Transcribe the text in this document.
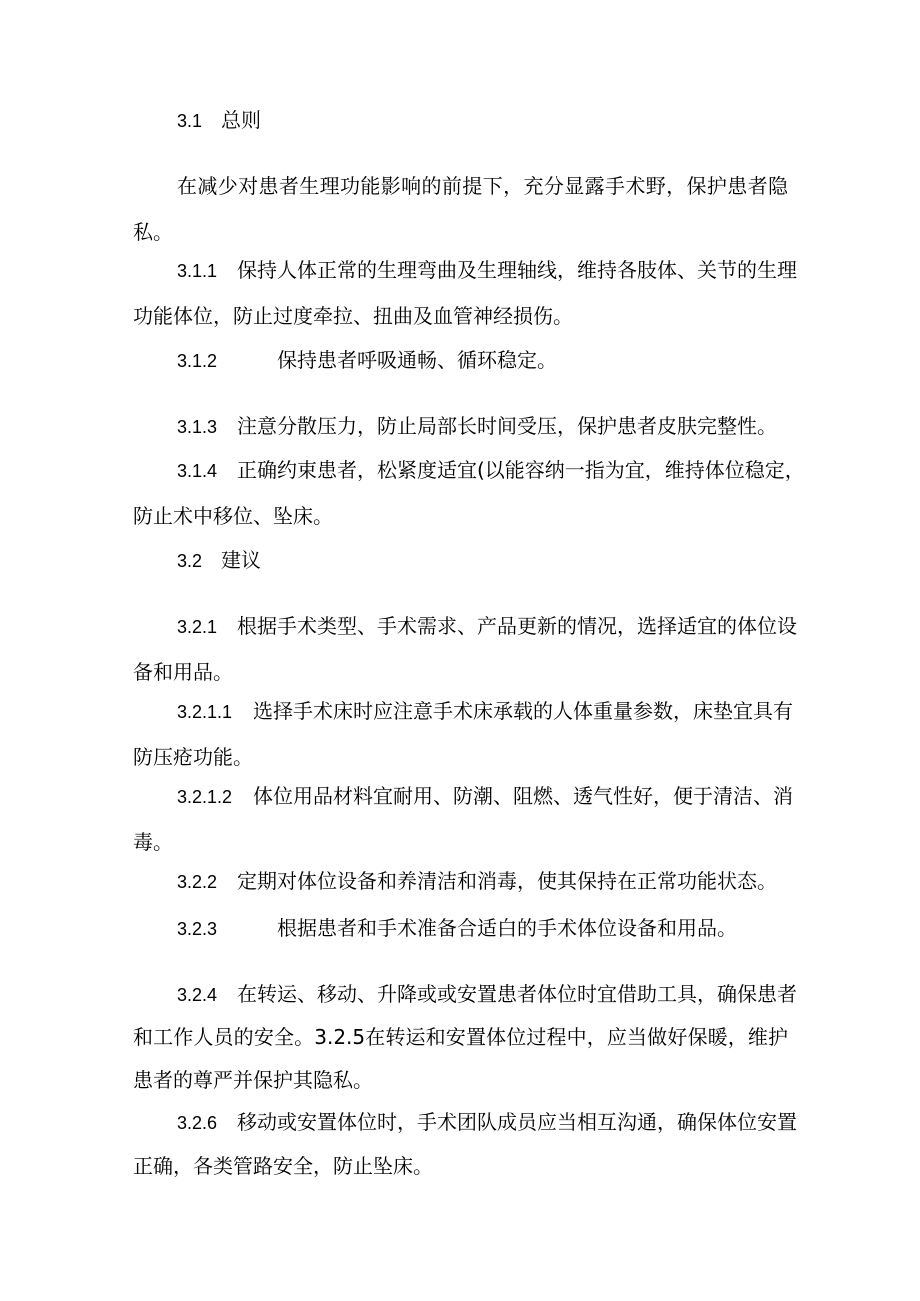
3.1 总则
在减少对患者生理功能影响的前提下，充分显露手术野，保护患者隐
私。
3.1.1 保持人体正常的生理弯曲及生理轴线，维持各肢体、关节的生理
功能体位，防止过度牵拉、扭曲及血管神经损伤。
3.1.2	保持患者呼吸通畅、循环稳定。
3.1.3 注意分散压力，防止局部长时间受压，保护患者皮肤完整性。
3.1.4 正确约束患者，松紧度适宜(以能容纳一指为宜，维持体位稳定，
防止术中移位、坠床。
3.2 建议
3.2.1 根据手术类型、手术需求、产品更新的情况，选择适宜的体位设
备和用品。
3.2.1.1 选择手术床时应注意手术床承载的人体重量参数，床垫宜具有
防压疮功能。
3.2.1.2 体位用品材料宜耐用、防潮、阻燃、透气性好，便于清洁、消
毒。
3.2.2 定期对体位设备和养清洁和消毒，使其保持在正常功能状态。
3.2.3	根据患者和手术准备合适白的手术体位设备和用品。
3.2.4 在转运、移动、升降或或安置患者体位时宜借助工具，确保患者
和工作人员的安全。3.2.5在转运和安置体位过程中，应当做好保暖，维护
患者的尊严并保护其隐私。
3.2.6 移动或安置体位时，手术团队成员应当相互沟通，确保体位安置
正确，各类管路安全，防止坠床。
